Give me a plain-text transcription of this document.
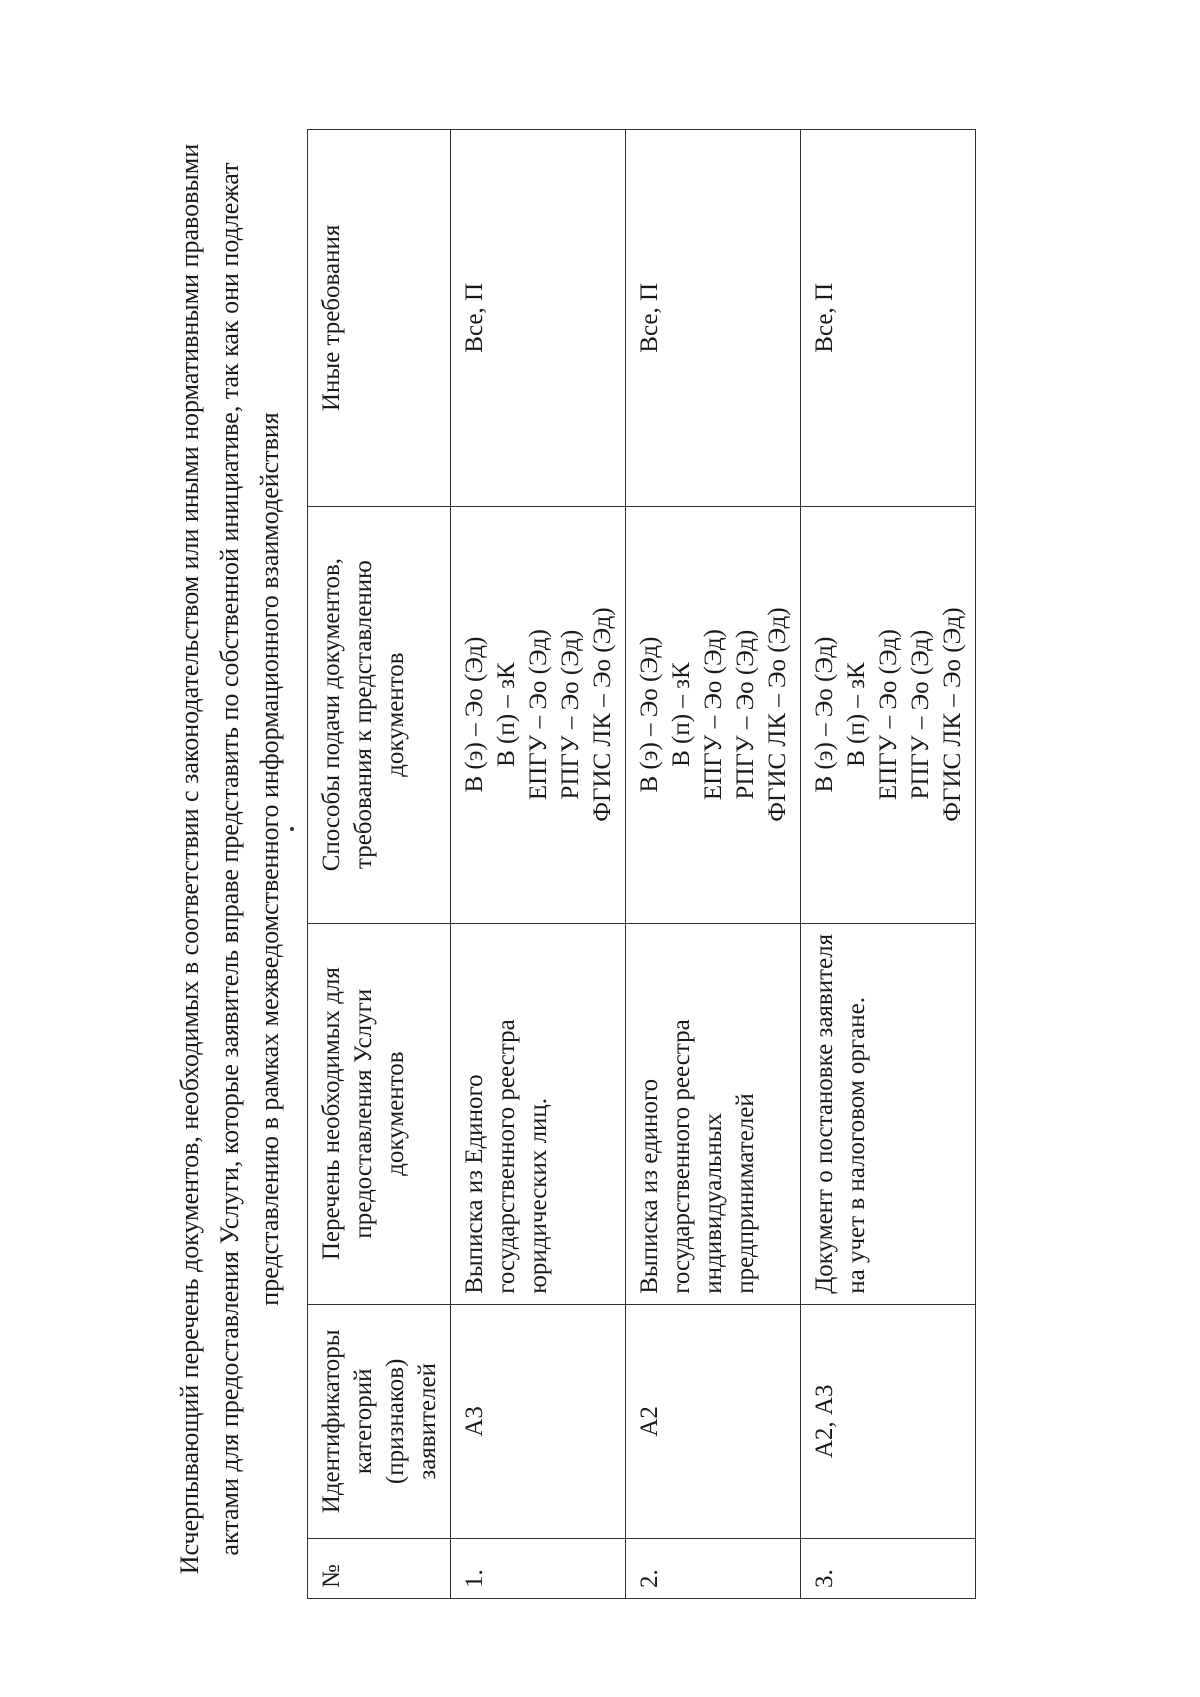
Исчерпывающий перечень документов, необходимых в соответствии с законодательством или иными нормативными правовыми актами для предоставления Услуги, которые заявитель вправе представить по собственной инициативе, так как они подлежат представлению в рамках межведомственного информационного взаимодействия

№	Идентификаторы категорий (признаков) заявителей	Перечень необходимых для предоставления Услуги документов	Способы подачи документов, требования к представлению документов	Иные требования
1.	А3	Выписка из Единого государственного реестра юридических лиц.	В (э) – Эо (Эд) В (п) – зК ЕПГУ – Эо (Эд) РПГУ – Эо (Эд) ФГИС ЛК – Эо (Эд)	Все, П
2.	А2	Выписка из единого государственного реестра индивидуальных предпринимателей	В (э) – Эо (Эд) В (п) – зК ЕПГУ – Эо (Эд) РПГУ – Эо (Эд) ФГИС ЛК – Эо (Эд)	Все, П
3.	А2, А3	Документ о постановке заявителя на учет в налоговом органе.	В (э) – Эо (Эд) В (п) – зК ЕПГУ – Эо (Эд) РПГУ – Эо (Эд) ФГИС ЛК – Эо (Эд)	Все, П
